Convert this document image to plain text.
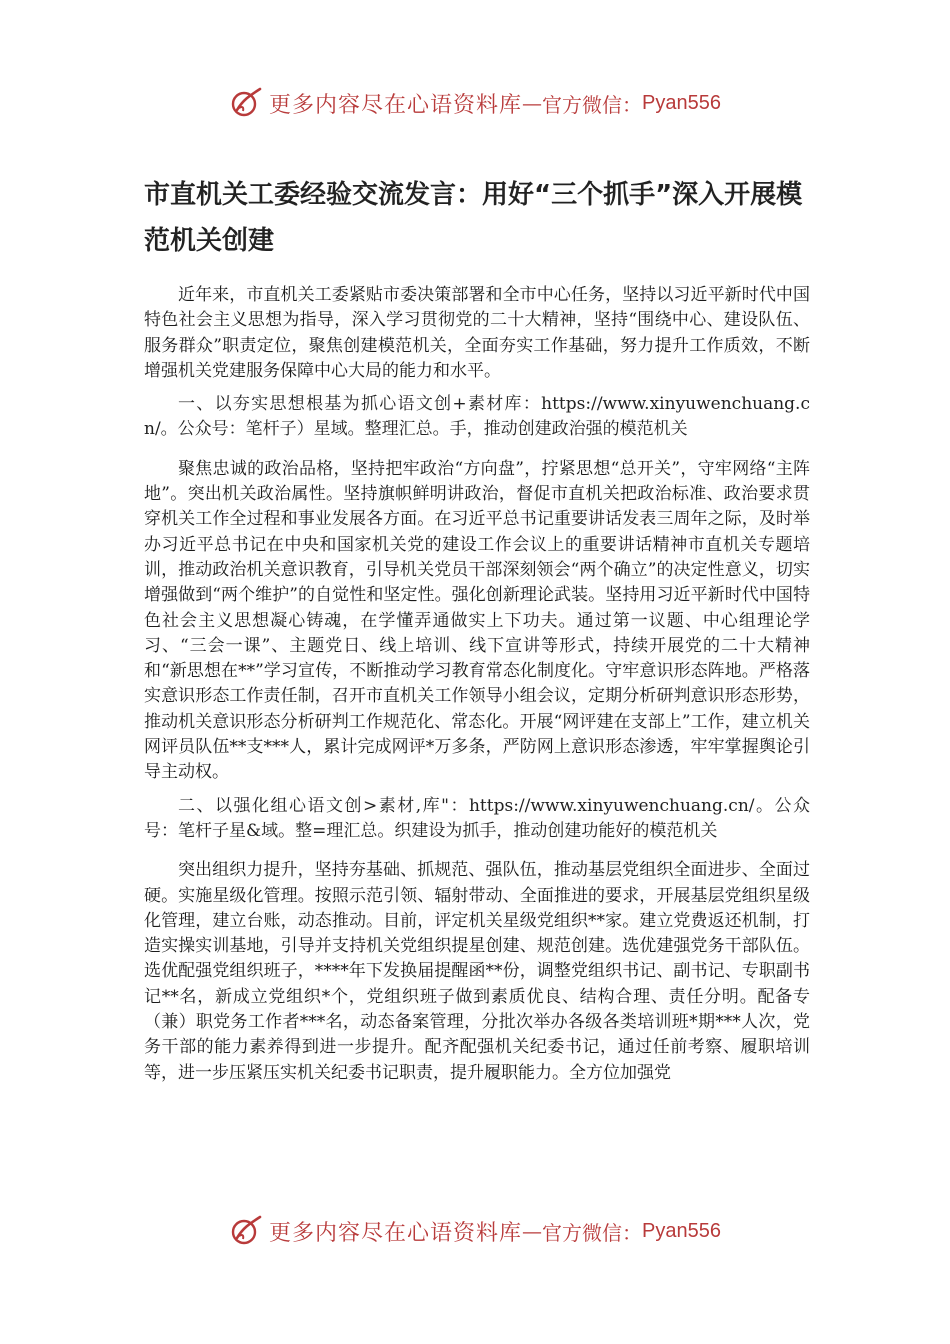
更多内容尽在心语资料库 — 官方微信： Pyan556
市直机关工委经验交流发言：用好“三个抓手”深入开展模范机关创建

近年来，市直机关工委紧贴市委决策部署和全市中心任务，坚持以习近平新时代中国特色社会主义思想为指导，深入学习贯彻党的二十大精神，坚持“围绕中心、建设队伍、服务群众”职责定位，聚焦创建模范机关，全面夯实工作基础，努力提升工作质效，不断增强机关党建服务保障中心大局的能力和水平。

一、以夯实思想根基为抓心语文创+素材库：https://www.xinyuwenchuang.cn/。公众号：笔杆子）星域。整理汇总。手，推动创建政治强的模范机关

聚焦忠诚的政治品格，坚持把牢政治“方向盘”，拧紧思想“总开关”，守牢网络“主阵地”。突出机关政治属性。坚持旗帜鲜明讲政治，督促市直机关把政治标准、政治要求贯穿机关工作全过程和事业发展各方面。在习近平总书记重要讲话发表三周年之际，及时举办习近平总书记在中央和国家机关党的建设工作会议上的重要讲话精神市直机关专题培训，推动政治机关意识教育，引导机关党员干部深刻领会“两个确立”的决定性意义，切实增强做到“两个维护”的自觉性和坚定性。强化创新理论武装。坚持用习近平新时代中国特色社会主义思想凝心铸魂，在学懂弄通做实上下功夫。通过第一议题、中心组理论学习、“三会一课”、主题党日、线上培训、线下宣讲等形式，持续开展党的二十大精神和“新思想在**”学习宣传，不断推动学习教育常态化制度化。守牢意识形态阵地。严格落实意识形态工作责任制，召开市直机关工作领导小组会议，定期分析研判意识形态形势，推动机关意识形态分析研判工作规范化、常态化。开展“网评建在支部上”工作，建立机关网评员队伍**支***人，累计完成网评*万多条，严防网上意识形态渗透，牢牢掌握舆论引导主动权。

二、以强化组心语文创>素材,库"：https://www.xinyuwenchuang.cn/。公众号：笔杆子星&域。整=理汇总。织建设为抓手，推动创建功能好的模范机关

突出组织力提升，坚持夯基础、抓规范、强队伍，推动基层党组织全面进步、全面过硬。实施星级化管理。按照示范引领、辐射带动、全面推进的要求，开展基层党组织星级化管理，建立台账，动态推动。目前，评定机关星级党组织**家。建立党费返还机制，打造实操实训基地，引导并支持机关党组织提星创建、规范创建。选优建强党务干部队伍。选优配强党组织班子，****年下发换届提醒函**份，调整党组织书记、副书记、专职副书记**名，新成立党组织*个，党组织班子做到素质优良、结构合理、责任分明。配备专（兼）职党务工作者***名，动态备案管理，分批次举办各级各类培训班*期***人次，党务干部的能力素养得到进一步提升。配齐配强机关纪委书记，通过任前考察、履职培训等，进一步压紧压实机关纪委书记职责，提升履职能力。全方位加强党

更多内容尽在心语资料库 — 官方微信： Pyan556
